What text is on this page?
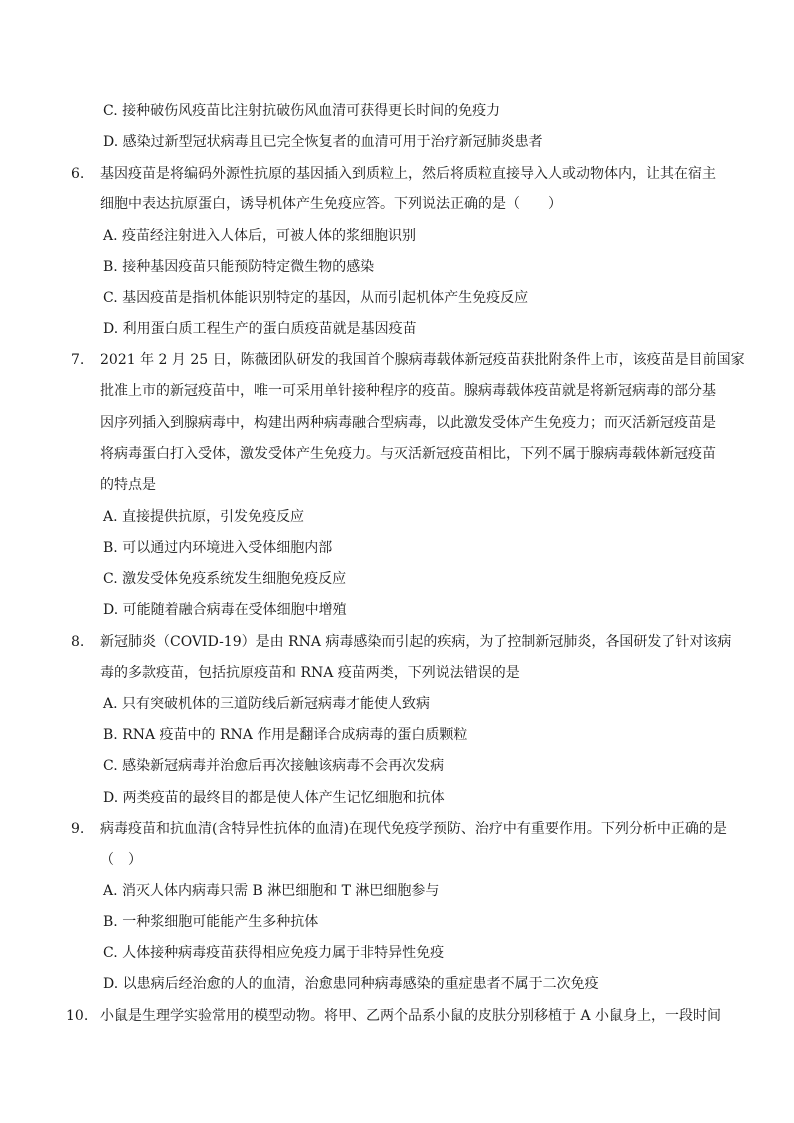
C. 接种破伤风疫苗比注射抗破伤风血清可获得更长时间的免疫力
D. 感染过新型冠状病毒且已完全恢复者的血清可用于治疗新冠肺炎患者
6. 基因疫苗是将编码外源性抗原的基因插入到质粒上，然后将质粒直接导入人或动物体内，让其在宿主
细胞中表达抗原蛋白，诱导机体产生免疫应答。下列说法正确的是（　　）
A. 疫苗经注射进入人体后，可被人体的浆细胞识别
B. 接种基因疫苗只能预防特定微生物的感染
C. 基因疫苗是指机体能识别特定的基因，从而引起机体产生免疫反应
D. 利用蛋白质工程生产的蛋白质疫苗就是基因疫苗
7. 2021 年 2 月 25 日，陈薇团队研发的我国首个腺病毒载体新冠疫苗获批附条件上市，该疫苗是目前国家
批准上市的新冠疫苗中，唯一可采用单针接种程序的疫苗。腺病毒载体疫苗就是将新冠病毒的部分基
因序列插入到腺病毒中，构建出两种病毒融合型病毒，以此激发受体产生免疫力；而灭活新冠疫苗是
将病毒蛋白打入受体，激发受体产生免疫力。与灭活新冠疫苗相比，下列不属于腺病毒载体新冠疫苗
的特点是
A. 直接提供抗原，引发免疫反应
B. 可以通过内环境进入受体细胞内部
C. 激发受体免疫系统发生细胞免疫反应
D. 可能随着融合病毒在受体细胞中增殖
8. 新冠肺炎（COVID-19）是由 RNA 病毒感染而引起的疾病，为了控制新冠肺炎，各国研发了针对该病
毒的多款疫苗，包括抗原疫苗和 RNA 疫苗两类，下列说法错误的是
A. 只有突破机体的三道防线后新冠病毒才能使人致病
B. RNA 疫苗中的 RNA 作用是翻译合成病毒的蛋白质颗粒
C. 感染新冠病毒并治愈后再次接触该病毒不会再次发病
D. 两类疫苗的最终目的都是使人体产生记忆细胞和抗体
9. 病毒疫苗和抗血清(含特异性抗体的血清)在现代免疫学预防、治疗中有重要作用。下列分析中正确的是
（　）
A. 消灭人体内病毒只需 B 淋巴细胞和 T 淋巴细胞参与
B. 一种浆细胞可能能产生多种抗体
C. 人体接种病毒疫苗获得相应免疫力属于非特异性免疫
D. 以患病后经治愈的人的血清，治愈患同种病毒感染的重症患者不属于二次免疫
10. 小鼠是生理学实验常用的模型动物。将甲、乙两个品系小鼠的皮肤分别移植于 A 小鼠身上，一段时间
